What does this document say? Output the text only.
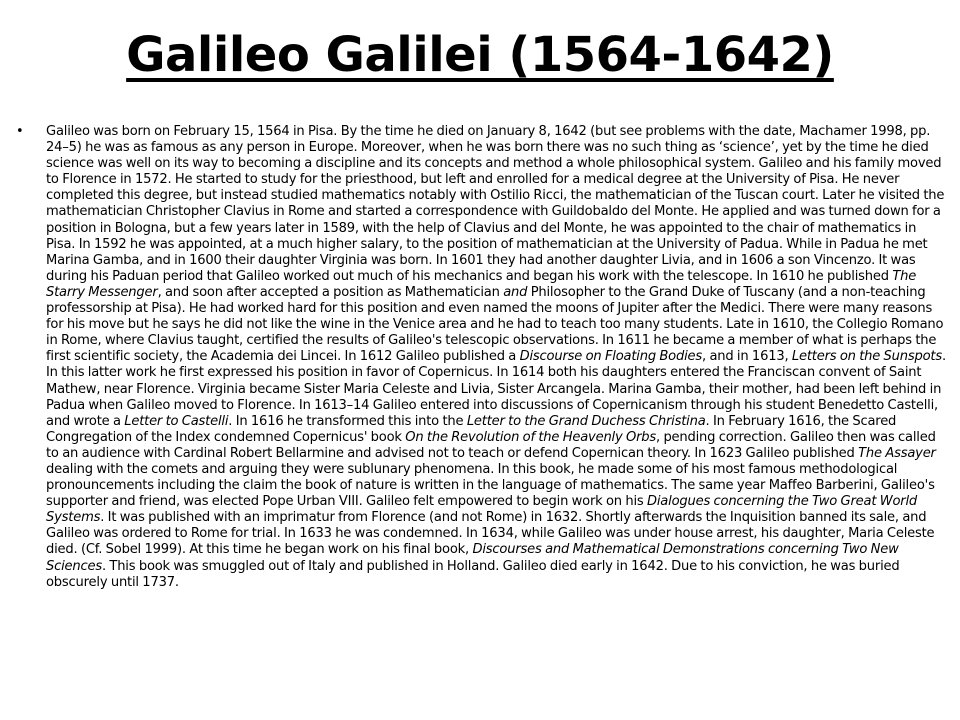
Galileo Galilei (1564-1642)
• Galileo was born on February 15, 1564 in Pisa. By the time he died on January 8, 1642 (but see problems with the date, Machamer 1998, pp. 24–5) he was as famous as any person in Europe. Moreover, when he was born there was no such thing as ‘science’, yet by the time he died science was well on its way to becoming a discipline and its concepts and method a whole philosophical system. Galileo and his family moved to Florence in 1572. He started to study for the priesthood, but left and enrolled for a medical degree at the University of Pisa. He never completed this degree, but instead studied mathematics notably with Ostilio Ricci, the mathematician of the Tuscan court. Later he visited the mathematician Christopher Clavius in Rome and started a correspondence with Guildobaldo del Monte. He applied and was turned down for a position in Bologna, but a few years later in 1589, with the help of Clavius and del Monte, he was appointed to the chair of mathematics in Pisa. In 1592 he was appointed, at a much higher salary, to the position of mathematician at the University of Padua. While in Padua he met Marina Gamba, and in 1600 their daughter Virginia was born. In 1601 they had another daughter Livia, and in 1606 a son Vincenzo. It was during his Paduan period that Galileo worked out much of his mechanics and began his work with the telescope. In 1610 he published The Starry Messenger, and soon after accepted a position as Mathematician and Philosopher to the Grand Duke of Tuscany (and a non-teaching professorship at Pisa). He had worked hard for this position and even named the moons of Jupiter after the Medici. There were many reasons for his move but he says he did not like the wine in the Venice area and he had to teach too many students. Late in 1610, the Collegio Romano in Rome, where Clavius taught, certified the results of Galileo's telescopic observations. In 1611 he became a member of what is perhaps the first scientific society, the Academia dei Lincei. In 1612 Galileo published a Discourse on Floating Bodies, and in 1613, Letters on the Sunspots. In this latter work he first expressed his position in favor of Copernicus. In 1614 both his daughters entered the Franciscan convent of Saint Mathew, near Florence. Virginia became Sister Maria Celeste and Livia, Sister Arcangela. Marina Gamba, their mother, had been left behind in Padua when Galileo moved to Florence. In 1613–14 Galileo entered into discussions of Copernicanism through his student Benedetto Castelli, and wrote a Letter to Castelli. In 1616 he transformed this into the Letter to the Grand Duchess Christina. In February 1616, the Scared Congregation of the Index condemned Copernicus' book On the Revolution of the Heavenly Orbs, pending correction. Galileo then was called to an audience with Cardinal Robert Bellarmine and advised not to teach or defend Copernican theory. In 1623 Galileo published The Assayer dealing with the comets and arguing they were sublunary phenomena. In this book, he made some of his most famous methodological pronouncements including the claim the book of nature is written in the language of mathematics. The same year Maffeo Barberini, Galileo's supporter and friend, was elected Pope Urban VIII. Galileo felt empowered to begin work on his Dialogues concerning the Two Great World Systems. It was published with an imprimatur from Florence (and not Rome) in 1632. Shortly afterwards the Inquisition banned its sale, and Galileo was ordered to Rome for trial. In 1633 he was condemned. In 1634, while Galileo was under house arrest, his daughter, Maria Celeste died. (Cf. Sobel 1999). At this time he began work on his final book, Discourses and Mathematical Demonstrations concerning Two New Sciences. This book was smuggled out of Italy and published in Holland. Galileo died early in 1642. Due to his conviction, he was buried obscurely until 1737.
